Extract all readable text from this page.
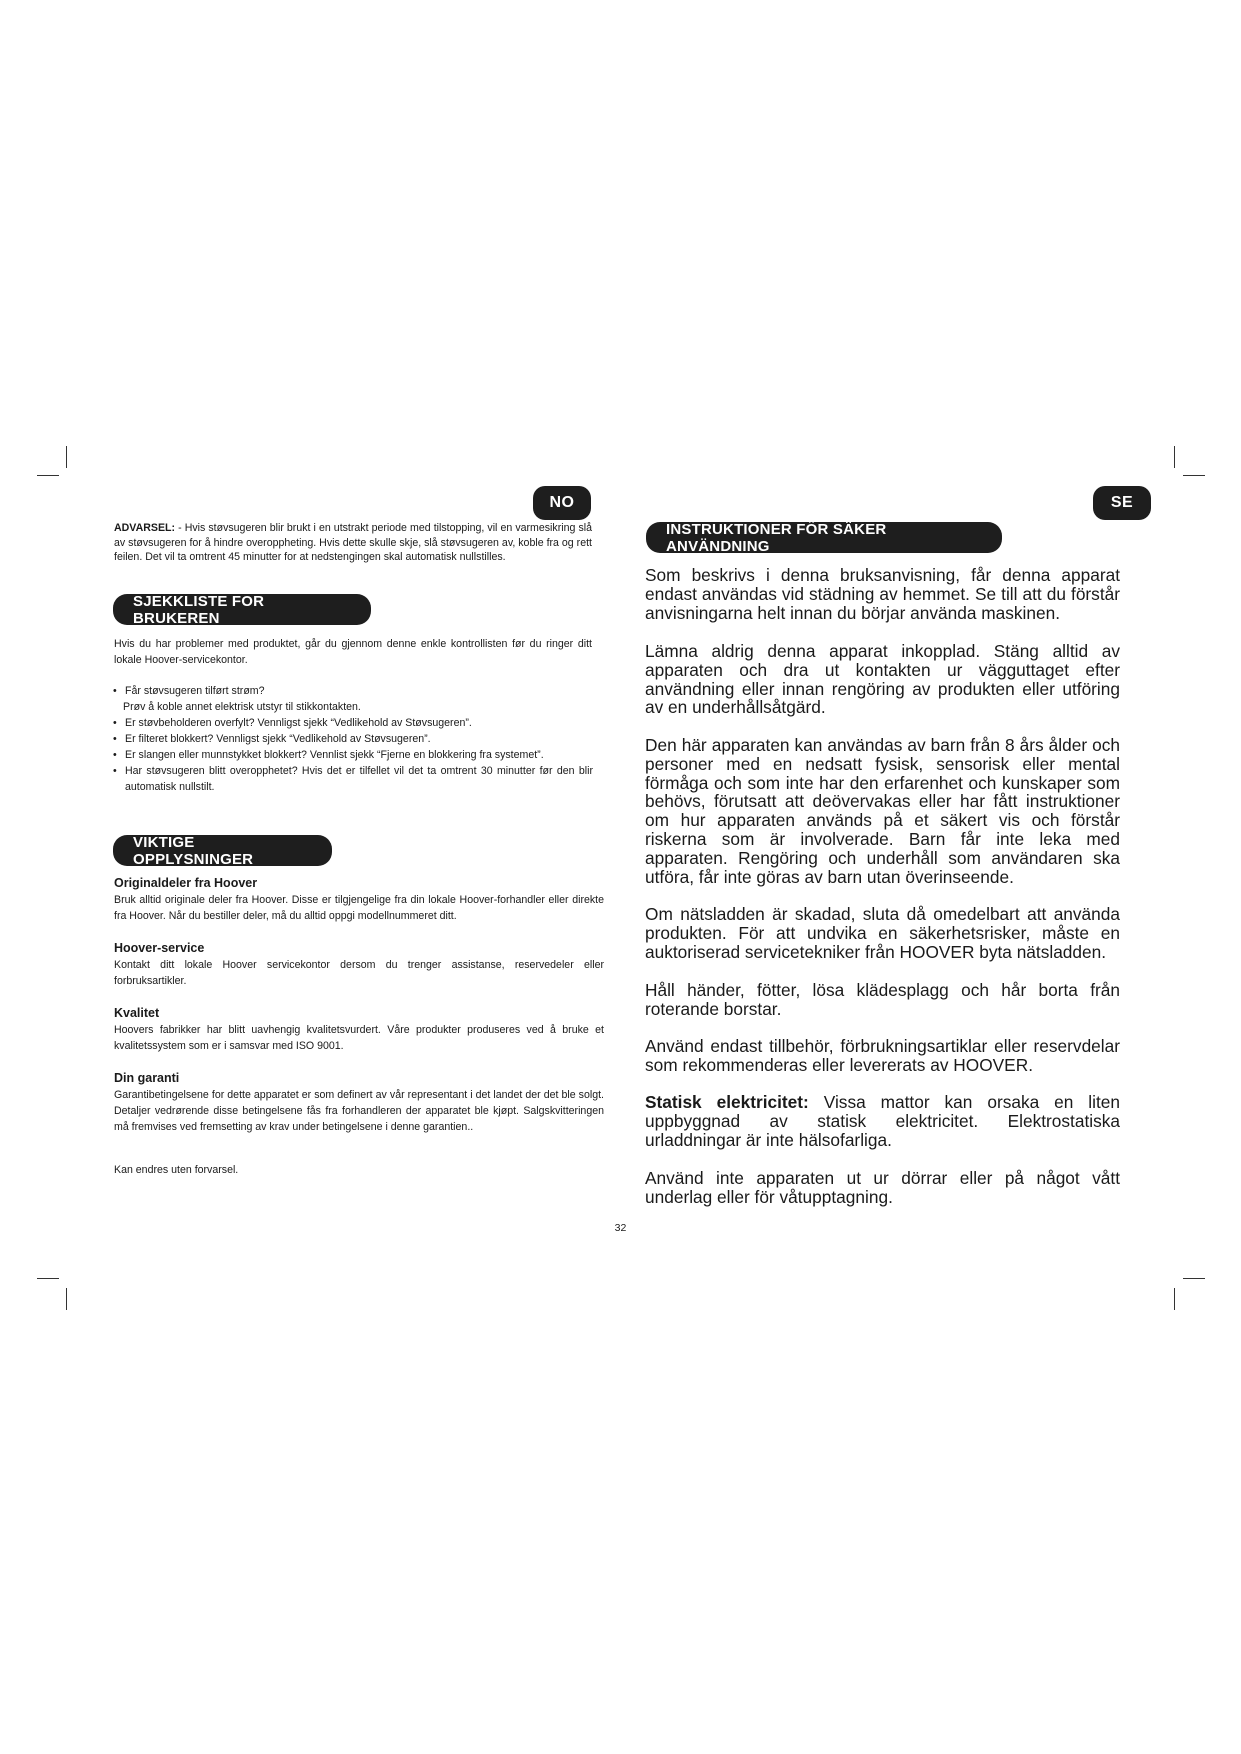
NO

ADVARSEL: - Hvis støvsugeren blir brukt i en utstrakt periode med tilstopping, vil en varmesikring slå av støvsugeren for å hindre overoppheting. Hvis dette skulle skje, slå støvsugeren av, koble fra og rett feilen. Det vil ta omtrent 45 minutter for at nedstengingen skal automatisk nullstilles.

SJEKKLISTE FOR BRUKEREN

Hvis du har problemer med produktet, går du gjennom denne enkle kontrollisten før du ringer ditt lokale Hoover-servicekontor.

• Får støvsugeren tilført strøm?
Prøv å koble annet elektrisk utstyr til stikkontakten.
• Er støvbeholderen overfylt? Vennligst sjekk “Vedlikehold av Støvsugeren”.
• Er filteret blokkert? Vennligst sjekk “Vedlikehold av Støvsugeren”.
• Er slangen eller munnstykket blokkert? Vennlist sjekk “Fjerne en blokkering fra systemet”.
• Har støvsugeren blitt overopphetet? Hvis det er tilfellet vil det ta omtrent 30 minutter før den blir automatisk nullstilt.
VIKTIGE OPPLYSNINGER

Originaldeler fra Hoover

Bruk alltid originale deler fra Hoover. Disse er tilgjengelige fra din lokale Hoover-forhandler eller direkte fra Hoover. Når du bestiller deler, må du alltid oppgi modellnummeret ditt.

Hoover-service

Kontakt ditt lokale Hoover servicekontor dersom du trenger assistanse, reservedeler eller forbruksartikler.

Kvalitet

Hoovers fabrikker har blitt uavhengig kvalitetsvurdert. Våre produkter produseres ved å bruke et kvalitetssystem som er i samsvar med ISO 9001.

Din garanti

Garantibetingelsene for dette apparatet er som definert av vår representant i det landet der det ble solgt. Detaljer vedrørende disse betingelsene fås fra forhandleren der apparatet ble kjøpt. Salgskvitteringen må fremvises ved fremsetting av krav under betingelsene i denne garantien..

Kan endres uten forvarsel.

SE
INSTRUKTIONER FÖR SÄKER ANVÄNDNING

Som beskrivs i denna bruksanvisning, får denna apparat endast användas vid städning av hemmet. Se till att du förstår anvisningarna helt innan du börjar använda maskinen.

Lämna aldrig denna apparat inkopplad. Stäng alltid av apparaten och dra ut kontakten ur vägguttaget efter användning eller innan rengöring av produkten eller utföring av en underhållsåtgärd.

Den här apparaten kan användas av barn från 8 års ålder och personer med en nedsatt fysisk, sensorisk eller mental förmåga och som inte har den erfarenhet och kunskaper som behövs, förutsatt att deövervakas eller har fått instruktioner om hur apparaten används på et säkert vis och förstår riskerna som är involverade. Barn får inte leka med apparaten. Rengöring och underhåll som användaren ska utföra, får inte göras av barn utan överinseende.

Om nätsladden är skadad, sluta då omedelbart att använda produkten. För att undvika en säkerhetsrisker, måste en auktoriserad servicetekniker från HOOVER byta nätsladden.

Håll händer, fötter, lösa klädesplagg och hår borta från roterande borstar.

Använd endast tillbehör, förbrukningsartiklar eller reservdelar som rekommenderas eller levererats av HOOVER.

Statisk elektricitet: Vissa mattor kan orsaka en liten uppbyggnad av statisk elektricitet. Elektrostatiska urladdningar är inte hälsofarliga.

Använd inte apparaten ut ur dörrar eller på något vått underlag eller för våtupptagning.

32
